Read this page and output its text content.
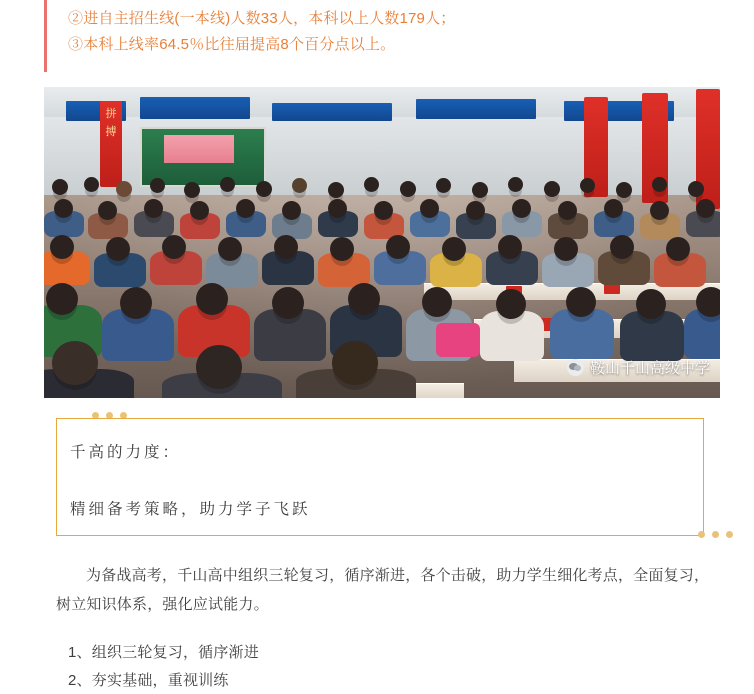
②进自主招生线(一本线)人数33人，本科以上人数179人；

③本科上线率64.5％比往届提高8个百分点以上。

拼
搏
鞍山千山高级中学
千高的力度：
精细备考策略，助力学子飞跃
为备战高考，千山高中组织三轮复习，循序渐进，各个击破，助力学生细化考点，全面复习，树立知识体系，强化应试能力。
1、组织三轮复习，循序渐进
2、夯实基础，重视训练
